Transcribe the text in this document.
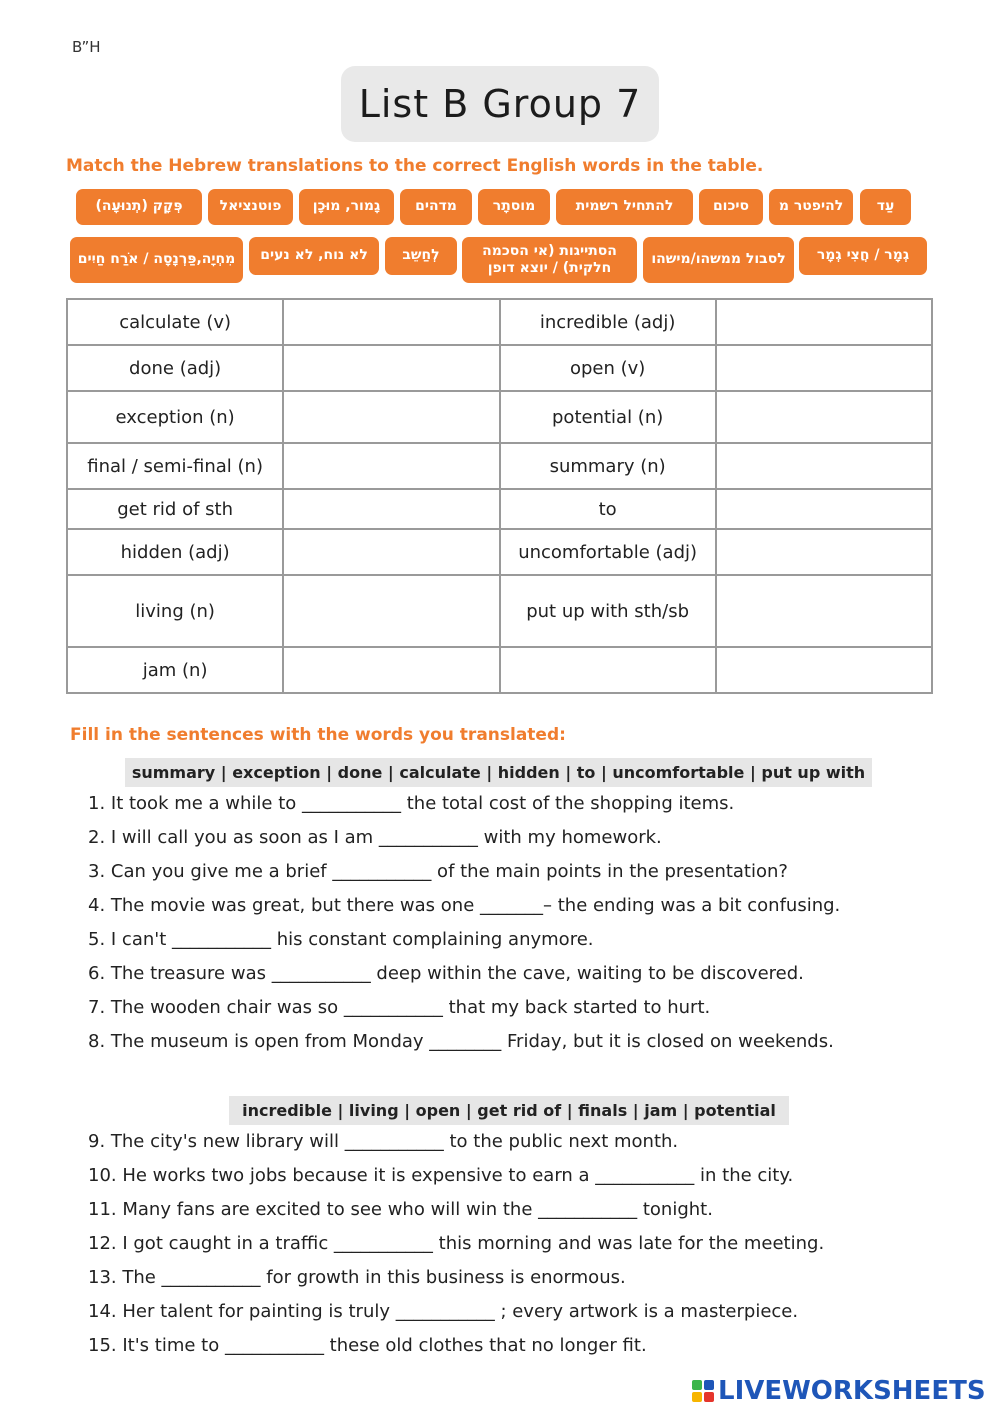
B”H
List B Group 7
Match the Hebrew translations to the correct English words in the table.
עַד
להיפטר מ
סיכום
להתחיל רשמית
מוסתָר
מדהים
גָמור, מוּכָן
פוטנציאל
פְּקָק (תְנוּעָה)
גְמָר / חֲצִי גְמָר
לסבול ממשהו/מישהו
הסתייגות (אי הסכמה חלקית) / יוצא דופן
לְחַשֵב
לא נוח, לא נעים
מִחְיָה,פַּרְנָסָה / אֹרַח חַיִים
calculate (v)		incredible (adj)	
done (adj)		open (v)	
exception (n)		potential (n)	
final / semi-final (n)		summary (n)	
get rid of sth		to	
hidden (adj)		uncomfortable (adj)	
living (n)		put up with sth/sb	
jam (n)			
Fill in the sentences with the words you translated:
summary | exception | done | calculate | hidden | to | uncomfortable | put up with
1. It took me a while to ___________ the total cost of the shopping items.
2. I will call you as soon as I am ___________ with my homework.
3. Can you give me a brief ___________ of the main points in the presentation?
4. The movie was great, but there was one _______– the ending was a bit confusing.
5. I can't ___________ his constant complaining anymore.
6. The treasure was ___________ deep within the cave, waiting to be discovered.
7. The wooden chair was so ___________ that my back started to hurt.
8. The museum is open from Monday ________ Friday, but it is closed on weekends.
incredible | living | open | get rid of | finals | jam | potential
9. The city's new library will ___________ to the public next month.
10. He works two jobs because it is expensive to earn a ___________ in the city.
11. Many fans are excited to see who will win the ___________ tonight.
12. I got caught in a traffic ___________ this morning and was late for the meeting.
13. The ___________ for growth in this business is enormous.
14. Her talent for painting is truly ___________ ; every artwork is a masterpiece.
15. It's time to ___________ these old clothes that no longer fit.
LIVEWORKSHEETS
